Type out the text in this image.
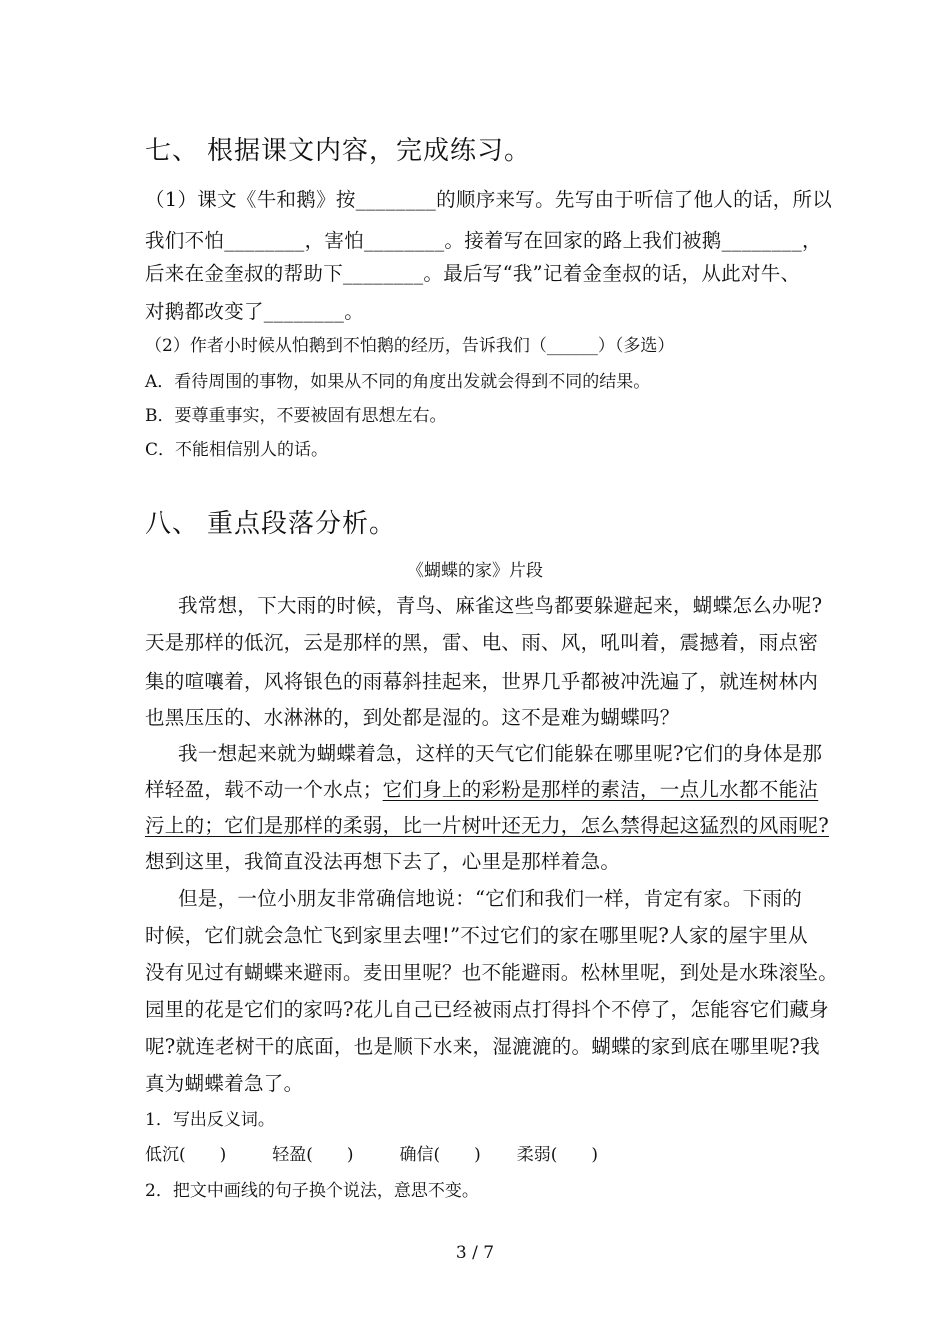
七、 根据课文内容，完成练习。
（1）课文《牛和鹅》按________的顺序来写。先写由于听信了他人的话，所以
我们不怕________，害怕________。接着写在回家的路上我们被鹅________，
后来在金奎叔的帮助下________。最后写“我”记着金奎叔的话，从此对牛、
对鹅都改变了________。
（2）作者小时候从怕鹅到不怕鹅的经历，告诉我们（______）（多选）
A．看待周围的事物，如果从不同的角度出发就会得到不同的结果。
B．要尊重事实，不要被固有思想左右。
C．不能相信别人的话。
八、 重点段落分析。
《蝴蝶的家》片段
我常想，下大雨的时候，青鸟、麻雀这些鸟都要躲避起来，蝴蝶怎么办呢?
天是那样的低沉，云是那样的黑，雷、电、雨、风，吼叫着，震撼着，雨点密
集的喧嚷着，风将银色的雨幕斜挂起来，世界几乎都被冲洗遍了，就连树林内
也黑压压的、水淋淋的，到处都是湿的。这不是难为蝴蝶吗？
我一想起来就为蝴蝶着急，这样的天气它们能躲在哪里呢?它们的身体是那
样轻盈，载不动一个水点；它们身上的彩粉是那样的素洁，一点儿水都不能沾
污上的；它们是那样的柔弱，比一片树叶还无力，怎么禁得起这猛烈的风雨呢?
想到这里，我简直没法再想下去了，心里是那样着急。
但是，一位小朋友非常确信地说：“它们和我们一样，肯定有家。下雨的
时候，它们就会急忙飞到家里去哩!”不过它们的家在哪里呢?人家的屋宇里从
没有见过有蝴蝶来避雨。麦田里呢？也不能避雨。松林里呢，到处是水珠滚坠。
园里的花是它们的家吗?花儿自己已经被雨点打得抖个不停了，怎能容它们藏身
呢?就连老树干的底面，也是顺下水来，湿漉漉的。蝴蝶的家到底在哪里呢?我
真为蝴蝶着急了。
1．写出反义词。
低沉(　　)	轻盈(　　)	确信(　　) 柔弱(　　)
2．把文中画线的句子换个说法，意思不变。
3 / 7
